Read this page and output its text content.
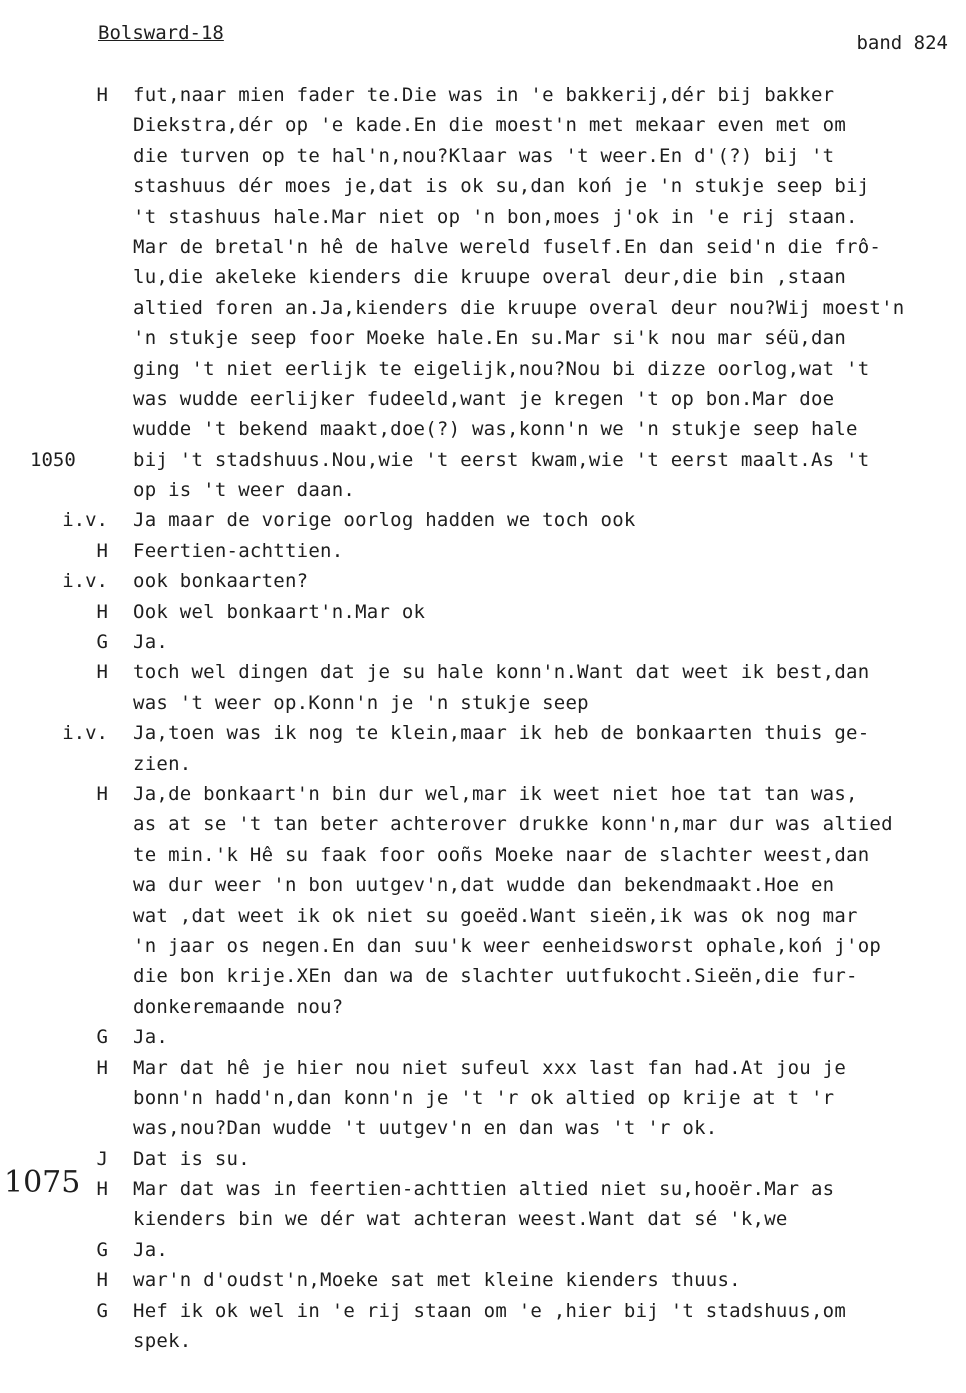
Bolsward-18	band 824
H fut,naar mien fader te.Die was in 'e bakkerij,dér bij bakker
Diekstra,dér op 'e kade.En die moest'n met mekaar even met om
die turven op te hal'n,nou?Klaar was 't weer.En d'(?) bij 't
stashuus dér moes je,dat is ok su,dan koń je 'n stukje seep bij
't stashuus hale.Mar niet op 'n bon,moes j'ok in 'e rij staan.
Mar de bretal'n hê de halve wereld fuself.En dan seid'n die frô-
lu,die akeleke kienders die kruupe overal deur,die bin ,staan
altied foren an.Ja,kienders die kruupe overal deur nou?Wij moest'n
'n stukje seep foor Moeke hale.En su.Mar si'k nou mar séü,dan
ging 't niet eerlijk te eigelijk,nou?Nou bi dizze oorlog,wat 't
was wudde eerlijker fudeeld,want je kregen 't op bon.Mar doe
wudde 't bekend maakt,doe(?) was,konn'n we 'n stukje seep hale
1050	bij 't stadshuus.Nou,wie 't eerst kwam,wie 't eerst maalt.As 't
op is 't weer daan.
i.v. Ja maar de vorige oorlog hadden we toch ook
H Feertien-achttien.
i.v. ook bonkaarten?
H Ook wel bonkaart'n.Mar ok
G Ja.
H toch wel dingen dat je su hale konn'n.Want dat weet ik best,dan
was 't weer op.Konn'n je 'n stukje seep
i.v. Ja,toen was ik nog te klein,maar ik heb de bonkaarten thuis ge-
zien.
H Ja,de bonkaart'n bin dur wel,mar ik weet niet hoe tat tan was,
as at se 't tan beter achterover drukke konn'n,mar dur was altied
te min.'k Hê su faak foor ooñs Moeke naar de slachter weest,dan
wa dur weer 'n bon uutgev'n,dat wudde dan bekendmaakt.Hoe en
wat ,dat weet ik ok niet su goeëd.Want sieën,ik was ok nog mar
'n jaar os negen.En dan suu'k weer eenheidsworst ophale,koń j'op
die bon krije.XEn dan wa de slachter uutfukocht.Sieën,die fur-
donkeremaande nou?
G Ja.
H Mar dat hê je hier nou niet sufeul xxx last fan had.At jou je
bonn'n hadd'n,dan konn'n je 't 'r ok altied op krije at t 'r
was,nou?Dan wudde 't uutgev'n en dan was 't 'r ok.
J Dat is su.
1075 H Mar dat was in feertien-achttien altied niet su,hooër.Mar as
kienders bin we dér wat achteran weest.Want dat sé 'k,we
G Ja.
H war'n d'oudst'n,Moeke sat met kleine kienders thuus.
G Hef ik ok wel in 'e rij staan om 'e ,hier bij 't stadshuus,om
spek.
